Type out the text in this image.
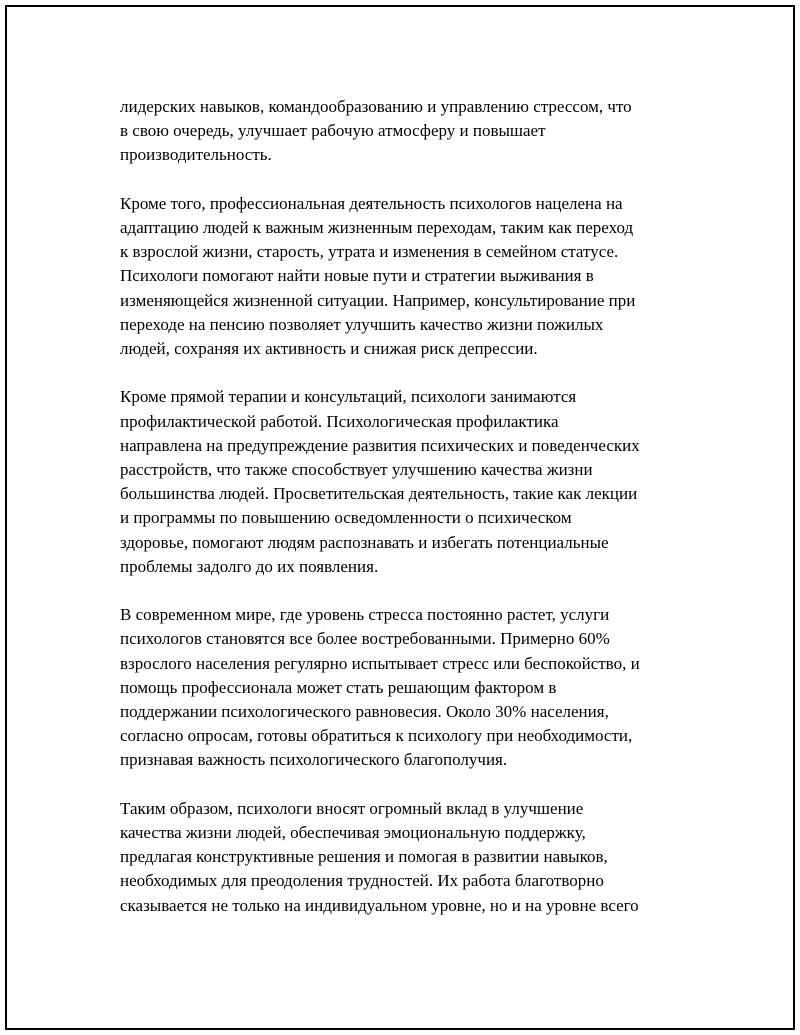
лидерских навыков, командообразованию и управлению стрессом, что
в свою очередь, улучшает рабочую атмосферу и повышает
производительность.

Кроме того, профессиональная деятельность психологов нацелена на
адаптацию людей к важным жизненным переходам, таким как переход
к взрослой жизни, старость, утрата и изменения в семейном статусе.
Психологи помогают найти новые пути и стратегии выживания в
изменяющейся жизненной ситуации. Например, консультирование при
переходе на пенсию позволяет улучшить качество жизни пожилых
людей, сохраняя их активность и снижая риск депрессии.

Кроме прямой терапии и консультаций, психологи занимаются
профилактической работой. Психологическая профилактика
направлена на предупреждение развития психических и поведенческих
расстройств, что также способствует улучшению качества жизни
большинства людей. Просветительская деятельность, такие как лекции
и программы по повышению осведомленности о психическом
здоровье, помогают людям распознавать и избегать потенциальные
проблемы задолго до их появления.

В современном мире, где уровень стресса постоянно растет, услуги
психологов становятся все более востребованными. Примерно 60%
взрослого населения регулярно испытывает стресс или беспокойство, и
помощь профессионала может стать решающим фактором в
поддержании психологического равновесия. Около 30% населения,
согласно опросам, готовы обратиться к психологу при необходимости,
признавая важность психологического благополучия.

Таким образом, психологи вносят огромный вклад в улучшение
качества жизни людей, обеспечивая эмоциональную поддержку,
предлагая конструктивные решения и помогая в развитии навыков,
необходимых для преодоления трудностей. Их работа благотворно
сказывается не только на индивидуальном уровне, но и на уровне всего
